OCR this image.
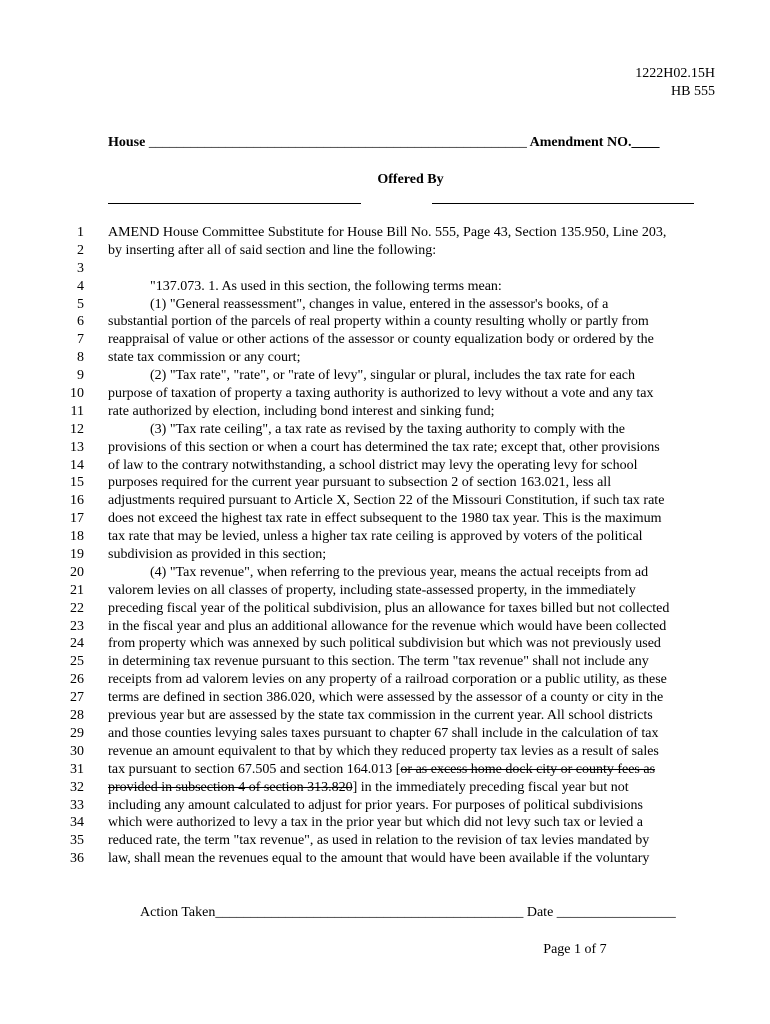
1222H02.15H
HB 555
House ______________________________________________________ Amendment NO.____
Offered By
1 AMEND House Committee Substitute for House Bill No. 555, Page 43, Section 135.950, Line 203,
2 by inserting after all of said section and line the following:
3
4	"137.073. 1. As used in this section, the following terms mean:
5	(1) "General reassessment", changes in value, entered in the assessor's books, of a
6 substantial portion of the parcels of real property within a county resulting wholly or partly from
7 reappraisal of value or other actions of the assessor or county equalization body or ordered by the
8 state tax commission or any court;
9	(2) "Tax rate", "rate", or "rate of levy", singular or plural, includes the tax rate for each
10 purpose of taxation of property a taxing authority is authorized to levy without a vote and any tax
11 rate authorized by election, including bond interest and sinking fund;
12	(3) "Tax rate ceiling", a tax rate as revised by the taxing authority to comply with the
13 provisions of this section or when a court has determined the tax rate; except that, other provisions
14 of law to the contrary notwithstanding, a school district may levy the operating levy for school
15 purposes required for the current year pursuant to subsection 2 of section 163.021, less all
16 adjustments required pursuant to Article X, Section 22 of the Missouri Constitution, if such tax rate
17 does not exceed the highest tax rate in effect subsequent to the 1980 tax year. This is the maximum
18 tax rate that may be levied, unless a higher tax rate ceiling is approved by voters of the political
19 subdivision as provided in this section;
20	(4) "Tax revenue", when referring to the previous year, means the actual receipts from ad
21 valorem levies on all classes of property, including state-assessed property, in the immediately
22 preceding fiscal year of the political subdivision, plus an allowance for taxes billed but not collected
23 in the fiscal year and plus an additional allowance for the revenue which would have been collected
24 from property which was annexed by such political subdivision but which was not previously used
25 in determining tax revenue pursuant to this section. The term "tax revenue" shall not include any
26 receipts from ad valorem levies on any property of a railroad corporation or a public utility, as these
27 terms are defined in section 386.020, which were assessed by the assessor of a county or city in the
28 previous year but are assessed by the state tax commission in the current year. All school districts
29 and those counties levying sales taxes pursuant to chapter 67 shall include in the calculation of tax
30 revenue an amount equivalent to that by which they reduced property tax levies as a result of sales
31 tax pursuant to section 67.505 and section 164.013 [or as excess home dock city or county fees as
32 provided in subsection 4 of section 313.820] in the immediately preceding fiscal year but not
33 including any amount calculated to adjust for prior years. For purposes of political subdivisions
34 which were authorized to levy a tax in the prior year but which did not levy such tax or levied a
35 reduced rate, the term "tax revenue", as used in relation to the revision of tax levies mandated by
36 law, shall mean the revenues equal to the amount that would have been available if the voluntary
Action Taken____________________________________________ Date _________________
Page 1 of 7
